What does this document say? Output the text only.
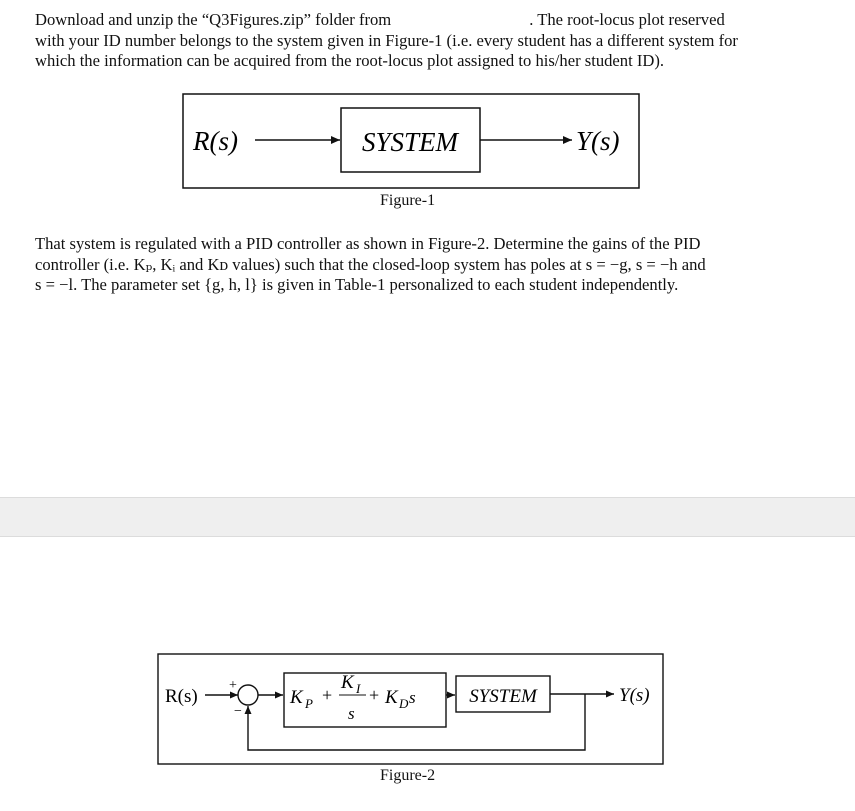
Download and unzip the “Q3Figures.zip” folder from	. The root-locus plot reserved
with your ID number belongs to the system given in Figure-1 (i.e. every student has a different system for
which the information can be acquired from the root-locus plot assigned to his/her student ID).
R(s)	SYSTEM	Y(s)
Figure-1
That system is regulated with a PID controller as shown in Figure-2. Determine the gains of the PID
controller (i.e. Kₚ, Kᵢ and Kᴅ values) such that the closed-loop system has poles at s = −g, s = −h and
s = −l. The parameter set {g, h, l} is given in Table-1 personalized to each student independently.
R(s)
+
−
K P +
K I
s
+ K D s	SYSTEM	Y(s)
Figure-2
